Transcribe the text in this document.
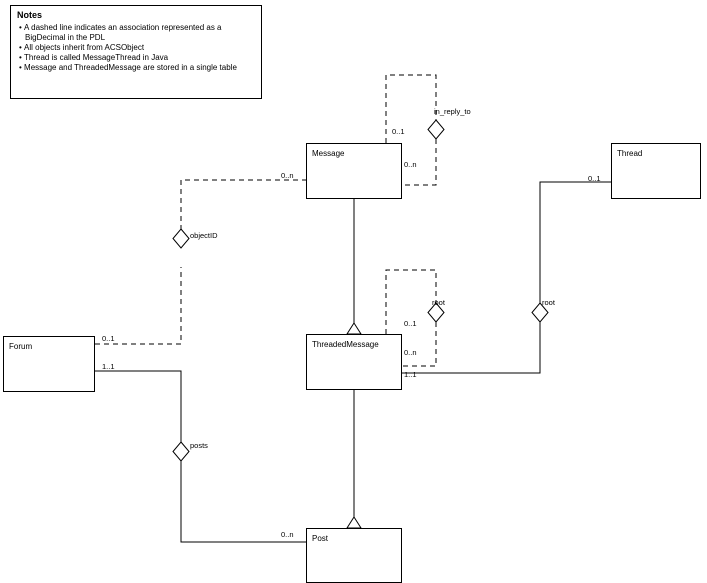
Notes
• A dashed line indicates an association represented as a BigDecimal in the PDL
• All objects inherit from ACSObject
• Thread is called MessageThread in Java
• Message and ThreadedMessage are stored in a single table
Message	Thread
Forum	ThreadedMessage
Post
in_reply_to
objectID
root	root
posts
0..1
0..n
0..n
0..1
0..1
0..n
1..1
0..1
1..1
0..n
